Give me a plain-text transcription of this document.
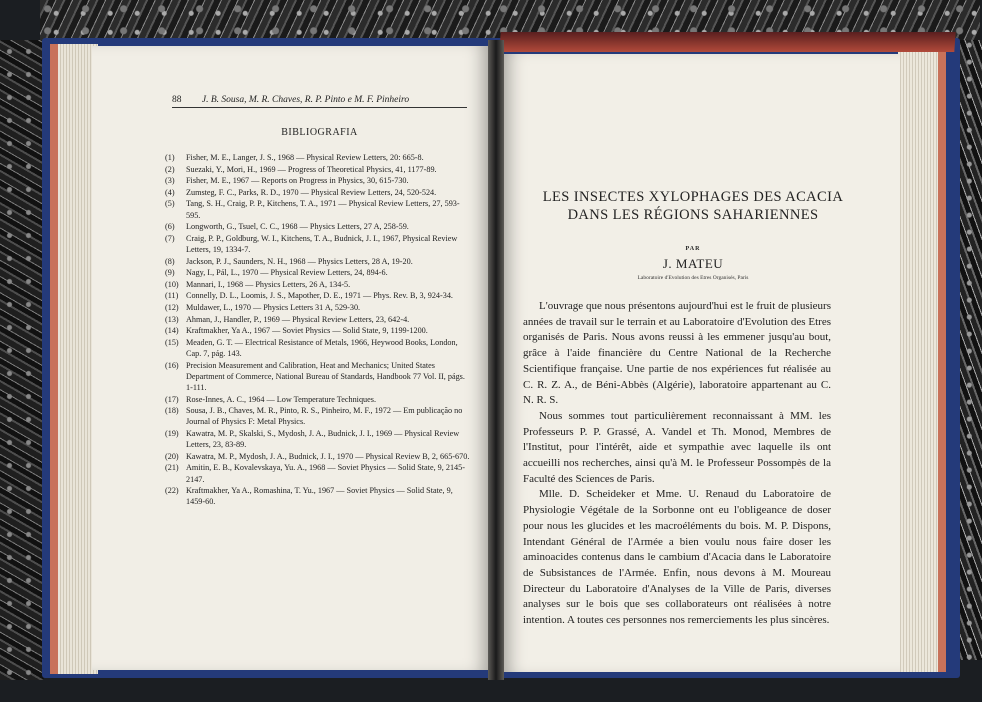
88 J. B. Sousa, M. R. Chaves, R. P. Pinto e M. F. Pinheiro
BIBLIOGRAFIA
(1) Fisher, M. E., Langer, J. S., 1968 — Physical Review Letters, 20: 665-8.
(2) Suezaki, Y., Mori, H., 1969 — Progress of Theoretical Physics, 41, 1177-89.
(3) Fisher, M. E., 1967 — Reports on Progress in Physics, 30, 615-730.
(4) Zumsteg, F. C., Parks, R. D., 1970 — Physical Review Letters, 24, 520-524.
(5) Tang, S. H., Craig, P. P., Kitchens, T. A., 1971 — Physical Review Letters, 27, 593-595.
(6) Longworth, G., Tsuel, C. C., 1968 — Physics Letters, 27 A, 258-59.
(7) Craig, P. P., Goldburg, W. I., Kitchens, T. A., Budnick, J. I., 1967, Physical Review Letters, 19, 1334-7.
(8) Jackson, P. J., Saunders, N. H., 1968 — Physics Letters, 28 A, 19-20.
(9) Nagy, I., Pál, L., 1970 — Physical Review Letters, 24, 894-6.
(10) Mannari, I., 1968 — Physics Letters, 26 A, 134-5.
(11) Connelly, D. L., Loomis, J. S., Mapother, D. E., 1971 — Phys. Rev. B, 3, 924-34.
(12) Muldawer, L., 1970 — Physics Letters 31 A, 529-30.
(13) Ahman, J., Handler, P., 1969 — Physical Review Letters, 23, 642-4.
(14) Kraftmakher, Ya A., 1967 — Soviet Physics — Solid State, 9, 1199-1200.
(15) Meaden, G. T. — Electrical Resistance of Metals, 1966, Heywood Books, London, Cap. 7, pág. 143.
(16) Precision Measurement and Calibration, Heat and Mechanics; United States Department of Commerce, National Bureau of Standards, Handbook 77 Vol. II, págs. 1-111.
(17) Rose-Innes, A. C., 1964 — Low Temperature Techniques.
(18) Sousa, J. B., Chaves, M. R., Pinto, R. S., Pinheiro, M. F., 1972 — Em publicação no Journal of Physics F: Metal Physics.
(19) Kawatra, M. P., Skalski, S., Mydosh, J. A., Budnick, J. I., 1969 — Physical Review Letters, 23, 83-89.
(20) Kawatra, M. P., Mydosh, J. A., Budnick, J. I., 1970 — Physical Review B, 2, 665-670.
(21) Amitin, E. B., Kovalevskaya, Yu. A., 1968 — Soviet Physics — Solid State, 9, 2145-2147.
(22) Kraftmakher, Ya A., Romashina, T. Yu., 1967 — Soviet Physics — Solid State, 9, 1459-60.
LES INSECTES XYLOPHAGES DES ACACIA
DANS LES RÉGIONS SAHARIENNES
PAR
J. MATEU
Laboratoire d'Evolution des Etres Organisés, Paris

L'ouvrage que nous présentons aujourd'hui est le fruit de plusieurs années de travail sur le terrain et au Laboratoire d'Evolution des Etres organisés de Paris. Nous avons reussi à les emmener jusqu'au bout, grâce à l'aide financière du Centre National de la Recherche Scientifique française. Une partie de nos expériences fut réalisée au C. R. Z. A., de Béni-Abbès (Algérie), laboratoire appartenant au C. N. R. S.

Nous sommes tout particulièrement reconnaissant à MM. les Professeurs P. P. Grassé, A. Vandel et Th. Monod, Membres de l'Institut, pour l'intérêt, aide et sympathie avec laquelle ils ont accueilli nos recherches, ainsi qu'à M. le Professeur Possompès de la Faculté des Sciences de Paris.

Mlle. D. Scheideker et Mme. U. Renaud du Laboratoire de Physiologie Végétale de la Sorbonne ont eu l'obligeance de doser pour nous les glucides et les macroéléments du bois. M. P. Dispons, Intendant Général de l'Armée a bien voulu nous faire doser les aminoacides contenus dans le cambium d'Acacia dans le Laboratoire de Subsistances de l'Armée. Enfin, nous devons à M. Moureau Directeur du Laboratoire d'Analyses de la Ville de Paris, diverses analyses sur le bois que ses collaborateurs ont réalisées à notre intention. A toutes ces personnes nos remerciements les plus sincères.
